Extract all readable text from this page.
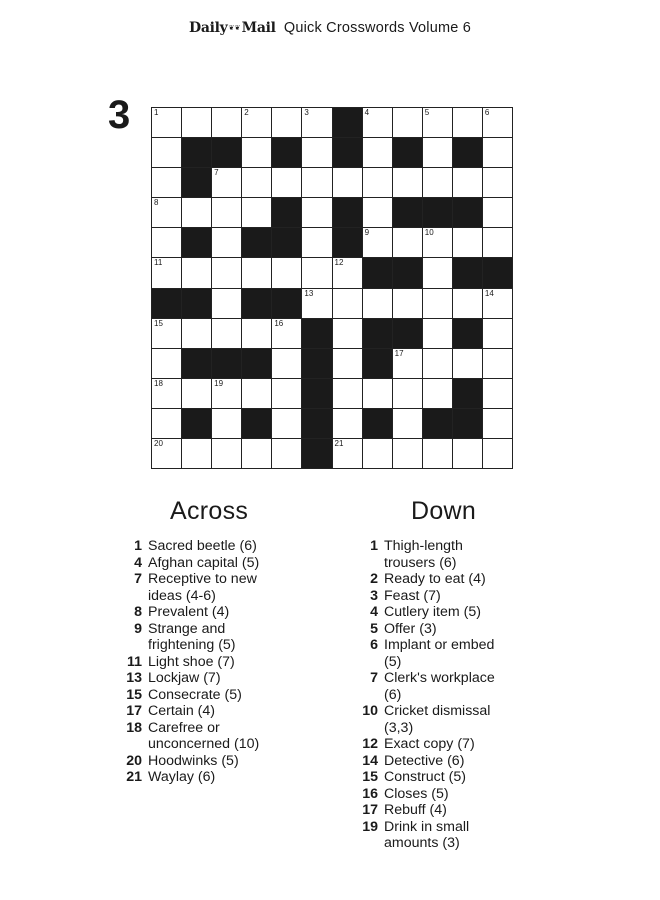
Daily❦❦Mail Quick Crosswords Volume 6
3	1	2	3	4	5	6
7
8
9	10
11	12
13	14
15	16
17
18	19
20	21
Across	Down
1 Sacred beetle (6)
4 Afghan capital (5)
7 Receptive to new ideas (4-6)
8 Prevalent (4)
9 Strange and frightening (5)
11 Light shoe (7)
13 Lockjaw (7)
15 Consecrate (5)
17 Certain (4)
18 Carefree or unconcerned (10)
20 Hoodwinks (5)
21 Waylay (6)
1 Thigh-length trousers (6)
2 Ready to eat (4)
3 Feast (7)
4 Cutlery item (5)
5 Offer (3)
6 Implant or embed (5)
7 Clerk's workplace (6)
10 Cricket dismissal (3,3)
12 Exact copy (7)
14 Detective (6)
15 Construct (5)
16 Closes (5)
17 Rebuff (4)
19 Drink in small amounts (3)
